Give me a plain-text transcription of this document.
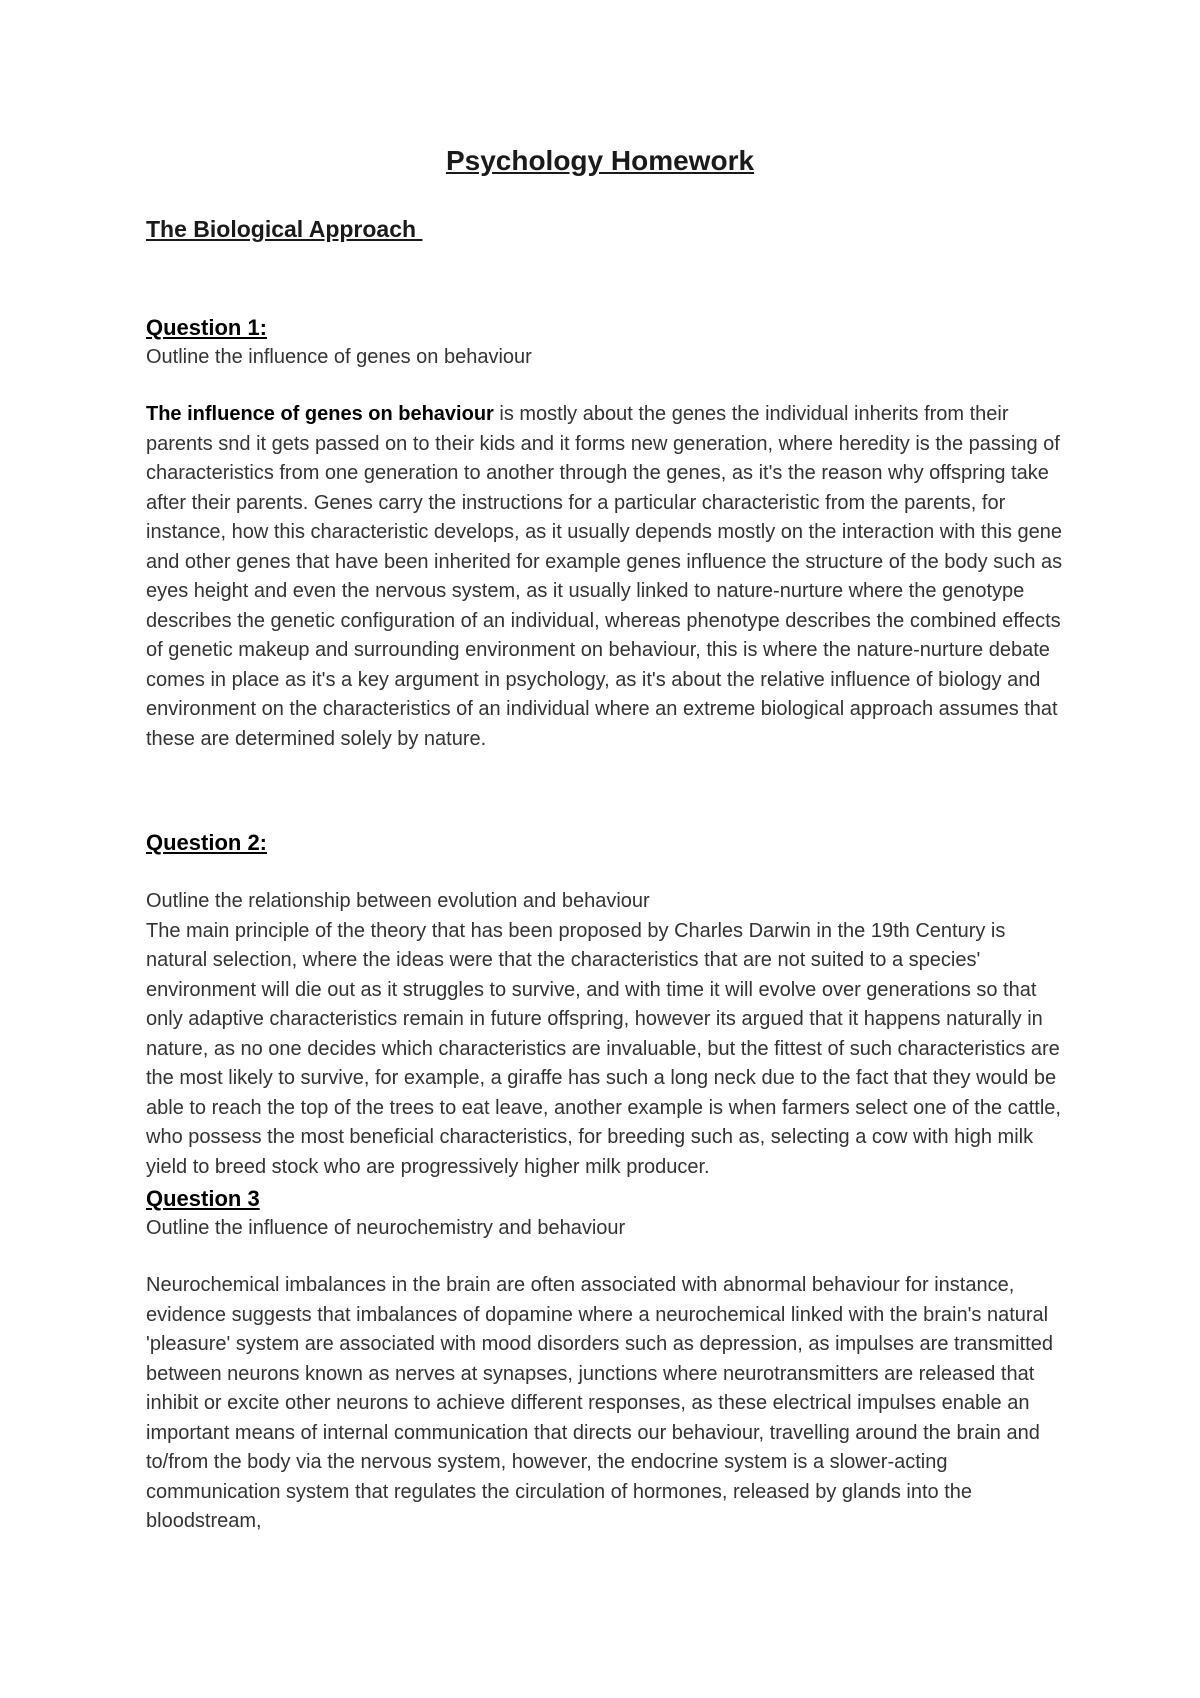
Psychology Homework
The Biological Approach

Question 1:

Outline the influence of genes on behaviour

The influence of genes on behaviour is mostly about the genes the individual inherits from their parents snd it gets passed on to their kids and it forms new generation, where heredity is the passing of characteristics from one generation to another through the genes, as it's the reason why offspring take after their parents. Genes carry the instructions for a particular characteristic from the parents, for instance, how this characteristic develops, as it usually depends mostly on the interaction with this gene and other genes that have been inherited for example genes influence the structure of the body such as eyes height and even the nervous system, as it usually linked to nature-nurture where the genotype describes the genetic configuration of an individual, whereas phenotype describes the combined effects of genetic makeup and surrounding environment on behaviour, this is where the nature-nurture debate comes in place as it's a key argument in psychology, as it's about the relative influence of biology and environment on the characteristics of an individual where an extreme biological approach assumes that these are determined solely by nature.

Question 2:

Outline the relationship between evolution and behaviour

The main principle of the theory that has been proposed by Charles Darwin in the 19th Century is natural selection, where the ideas were that the characteristics that are not suited to a species' environment will die out as it struggles to survive, and with time it will evolve over generations so that only adaptive characteristics remain in future offspring, however its argued that it happens naturally in nature, as no one decides which characteristics are invaluable, but the fittest of such characteristics are the most likely to survive, for example, a giraffe has such a long neck due to the fact that they would be able to reach the top of the trees to eat leave, another example is when farmers select one of the cattle, who possess the most beneficial characteristics, for breeding such as, selecting a cow with high milk yield to breed stock who are progressively higher milk producer.

Question 3

Outline the influence of neurochemistry and behaviour

Neurochemical imbalances in the brain are often associated with abnormal behaviour for instance, evidence suggests that imbalances of dopamine where a neurochemical linked with the brain's natural 'pleasure' system are associated with mood disorders such as depression, as impulses are transmitted between neurons known as nerves at synapses, junctions where neurotransmitters are released that inhibit or excite other neurons to achieve different responses, as these electrical impulses enable an important means of internal communication that directs our behaviour, travelling around the brain and to/from the body via the nervous system, however, the endocrine system is a slower-acting communication system that regulates the circulation of hormones, released by glands into the bloodstream,
